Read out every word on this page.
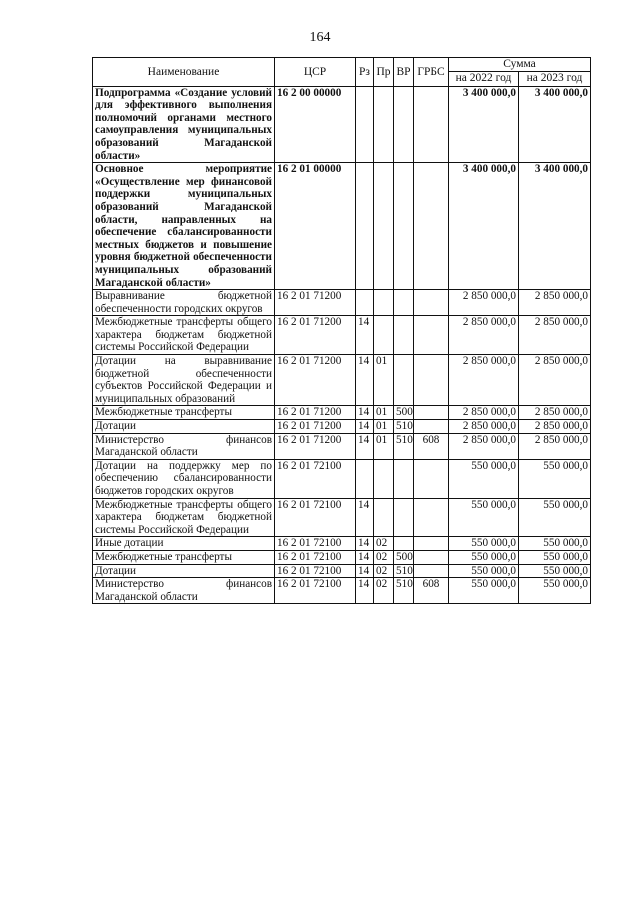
164
Наименование	ЦСР	Рз	Пр	ВР	ГРБС	Сумма	
						на 2022 год	на 2023 год
Подпрограмма «Создание условий для эффективного выполнения полномочий органами местного самоуправления муниципальных образований Магаданской области»	16 2 00 00000					3 400 000,0	3 400 000,0
Основное мероприятие «Осуществление мер финансовой поддержки муниципальных образований Магаданской области, направленных на обеспечение сбалансированности местных бюджетов и повышение уровня бюджетной обеспеченности муниципальных образований Магаданской области»	16 2 01 00000					3 400 000,0	3 400 000,0
Выравнивание бюджетной обеспеченности городских округов	16 2 01 71200					2 850 000,0	2 850 000,0
Межбюджетные трансферты общего характера бюджетам бюджетной системы Российской Федерации	16 2 01 71200	14				2 850 000,0	2 850 000,0
Дотации на выравнивание бюджетной обеспеченности субъектов Российской Федерации и муниципальных образований	16 2 01 71200	14	01			2 850 000,0	2 850 000,0
Межбюджетные трансферты	16 2 01 71200	14	01	500		2 850 000,0	2 850 000,0
Дотации	16 2 01 71200	14	01	510		2 850 000,0	2 850 000,0
Министерство финансов Магаданской области	16 2 01 71200	14	01	510	608	2 850 000,0	2 850 000,0
Дотации на поддержку мер по обеспечению сбалансированности бюджетов городских округов	16 2 01 72100					550 000,0	550 000,0
Межбюджетные трансферты общего характера бюджетам бюджетной системы Российской Федерации	16 2 01 72100	14				550 000,0	550 000,0
Иные дотации	16 2 01 72100	14	02			550 000,0	550 000,0
Межбюджетные трансферты	16 2 01 72100	14	02	500		550 000,0	550 000,0
Дотации	16 2 01 72100	14	02	510		550 000,0	550 000,0
Министерство финансов Магаданской области	16 2 01 72100	14	02	510	608	550 000,0	550 000,0
